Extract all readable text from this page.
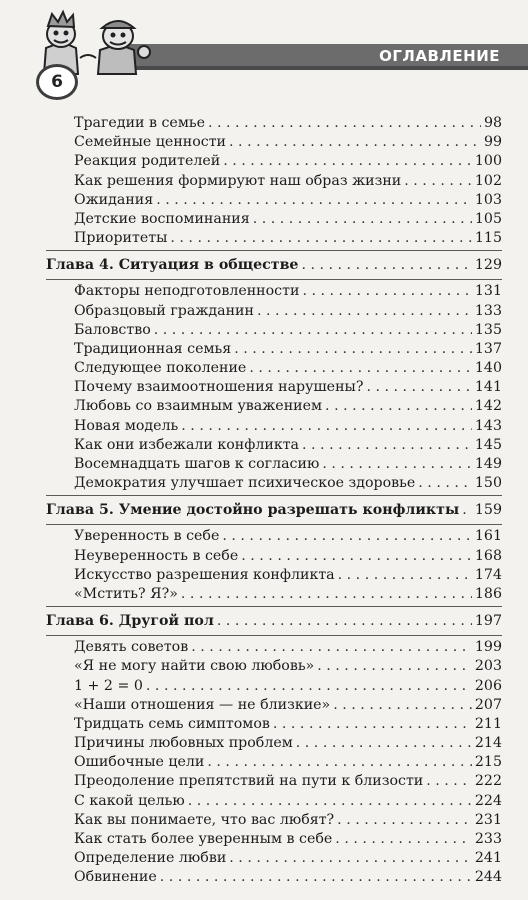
ОГЛАВЛЕНИЕ
6
Трагедии в семье . . .	98
Семейные ценности . . .	99
Реакция родителей . . .	100
Как решения формируют наш образ жизни . . .	102
Ожидания . . .	103
Детские воспоминания . . .	105
Приоритеты . . .	115
Глава 4. Ситуация в обществе . . .	129
Факторы неподготовленности . . .	131
Образцовый гражданин . . .	133
Баловство . . .	135
Традиционная семья . . .	137
Следующее поколение . . .	140
Почему взаимоотношения нарушены? . . .	141
Любовь со взаимным уважением . . .	142
Новая модель . . .	143
Как они избежали конфликта . . .	145
Восемнадцать шагов к согласию . . .	149
Демократия улучшает психическое здоровье . . .	150
Глава 5. Умение достойно разрешать конфликты . . . 159
Уверенность в себе . . .	161
Неуверенность в себе . . .	168
Искусство разрешения конфликта . . .	174
«Мстить? Я?» . . .	186
Глава 6. Другой пол . . .	197
Девять советов . . .	199
«Я не могу найти свою любовь» . . .	203
1 + 2 = 0 . . .	206
«Наши отношения — не близкие» . . .	207
Тридцать семь симптомов . . .	211
Причины любовных проблем . . .	214
Ошибочные цели . . .	215
Преодоление препятствий на пути к близости . . .	222
С какой целью . . .	224
Как вы понимаете, что вас любят? . . .	231
Как стать более уверенным в себе . . .	233
Определение любви . . .	241
Обвинение . . .	244
